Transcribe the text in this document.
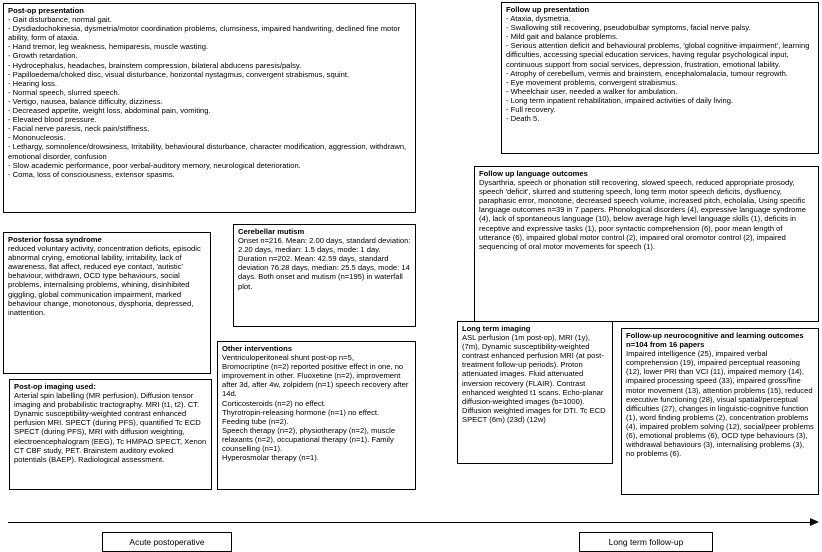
Post-op presentation
- Gait disturbance, normal gait.
- Dysdiadochokinesia, dysmetria/motor coordination problems, clumsiness, impaired handwriting, declined fine motor ability, form of ataxia.
- Hand tremor, leg weakness, hemiparesis, muscle wasting.
- Growth retardation.
- Hydrocephalus, headaches, brainstem compression, bilateral abducens paresis/palsy.
- Papilloedema/choked disc, visual disturbance, horizontal nystagmus, convergent strabismus, squint.
- Hearing loss.
- Normal speech, slurred speech.
- Vertigo, nausea, balance difficulty, dizziness.
- Decreased appetite, weight loss, abdominal pain, vomiting.
- Elevated blood pressure.
- Facial nerve paresis, neck pain/stiffness,
- Mononucleosis.
- Lethargy, somnolence/drowsiness, Irritability, behavioural disturbance, character modification, aggression, withdrawn, emotional disorder, confusion
- Slow academic performance, poor verbal-auditory memory, neurological deterioration.
- Coma, loss of consciousness, extensor spasms.
Posterior fossa syndrome
reduced voluntary activity, concentration deficits, episodic abnormal crying, emotional lability, irritability, lack of awareness, flat affect, reduced eye contact, 'autistic' behaviour, withdrawn, OCD type behaviours, social problems, internalising problems, whining, disinhibited giggling, global communication impairment, marked behaviour change, monotonous, dysphoria, depressed, inattention.
Cerebellar mutism
Onset n=216. Mean: 2.00 days, standard deviation: 2.20 days, median: 1.5 days, mode: 1 day. Duration n=202. Mean: 42.59 days, standard deviation 76.28 days, median: 25.5 days, mode: 14 days. Both onset and mutism (n=195) in waterfall plot.
Other interventions
Ventriculoperitoneal shunt post-op n=5,
Bromocriptine (n=2) reported positive effect in one, no improvement in other. Fluoxetine (n=2), improvement after 3d, after 4w, zolpidem (n=1) speech recovery after 14d.
Corticosteroids (n=2) no effect.
Thyrotropin-releasing hormone (n=1) no effect.
Feeding tube (n=2).
Speech therapy (n=2), physiotherapy (n=2), muscle relaxants (n=2), occupational therapy (n=1). Family counselling (n=1).
Hyperosmolar therapy (n=1).
Post-op imaging used:
Arterial spin labelling (MR perfusion). Diffusion tensor imaging and probabilistic tractography. MRI (t1, t2). CT. Dynamic susceptibility-weighted contrast enhanced perfusion MRI. SPECT (during PFS), quantified Tc ECD SPECT (during PFS), MRI with diffusion weighting, electroencephalogram (EEG), Tc HMPAO SPECT, Xenon CT CBF study, PET. Brainstem auditory evoked potentials (BAEP). Radiological assessment.
Follow up presentation
- Ataxia, dysmetria.
- Swallowing still recovering, pseudobulbar symptoms, facial nerve palsy.
- Mild gait and balance problems.
- Serious attention deficit and behavioural problems, 'global cognitive impairment', learning difficulties, accessing special education services, having regular psychological input, continuous support from social services, depression, frustration, emotional lability.
- Atrophy of cerebellum, vermis and brainstem, encephalomalacia, tumour regrowth.
- Eye movement problems, convergent strabismus.
- Wheelchair user, needed a walker for ambulation.
- Long term inpatient rehabilitation, impaired activities of daily living.
- Full recovery.
- Death 5.
Follow up language outcomes
Dysarthria, speech or phonation still recovering, slowed speech, reduced appropriate prosody, speech 'deficit', slurred and stuttering speech, long term motor speech deficits, dysfluency, paraphasic error, monotone, decreased speech volume, increased pitch, echolalia, Using specific language outcomes n=39 in 7 papers. Phonological disorders (4), expressive language syndrome (4), lack of spontaneous language (10), below average high level language skills (1), deficits in receptive and expressive tasks (1), poor syntactic comprehension (6), poor mean length of utterance (6), impaired global motor control (2), impaired oral oromotor control (2), impaired sequencing of oral motor movements for speech (1).
Long term imaging
ASL perfusion (1m post-op), MRI (1y), (7m), Dynamic susceptibility-weighted contrast enhanced perfusion MRI (at post-treatment follow-up periods). Proton attenuated images. Fluid attenuated inversion recovery (FLAIR). Contrast enhanced weighted t1 scans. Echo-planar diffusion-weighted images (b=1000). Diffusion weighted images for DTI. Tc ECD SPECT (6m) (23d) (12w)
Follow-up neurocognitive and learning outcomes n=104 from 16 papers
Impaired intelligence (25), impaired verbal comprehension (19), impaired perceptual reasoning (12), lower PRI than VCI (11), impaired memory (14), impaired processing speed (33), impaired gross/fine motor movement (13), attention problems (15), reduced executive functioning (28), visual spatial/perceptual difficulties (27), changes in linguistic-cognitive function (1), word finding problems (2), concentration problems (4), impaired problem solving (12), social/peer problems (6), emotional problems (6), OCD type behaviours (3), withdrawal behaviours (3), internalising problems (3), no problems (6).
Acute postoperative	Long term follow-up
